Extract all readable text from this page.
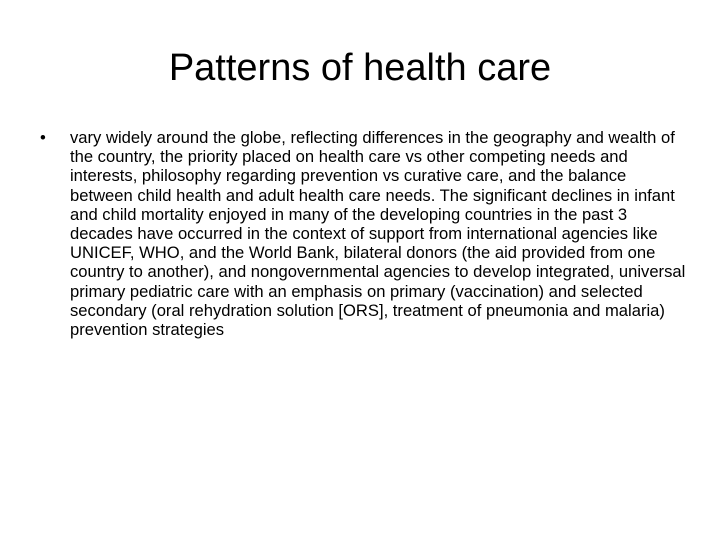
Patterns of health care
•	vary widely around the globe, reflecting differences in the geography and wealth of the country, the priority placed on health care vs other competing needs and interests, philosophy regarding prevention vs curative care, and the balance between child health and adult health care needs. The significant declines in infant and child mortality enjoyed in many of the developing countries in the past 3 decades have occurred in the context of support from international agencies like UNICEF, WHO, and the World Bank, bilateral donors (the aid provided from one country to another), and nongovernmental agencies to develop integrated, universal primary pediatric care with an emphasis on primary (vaccination) and selected secondary (oral rehydration solution [ORS], treatment of pneumonia and malaria) prevention strategies
